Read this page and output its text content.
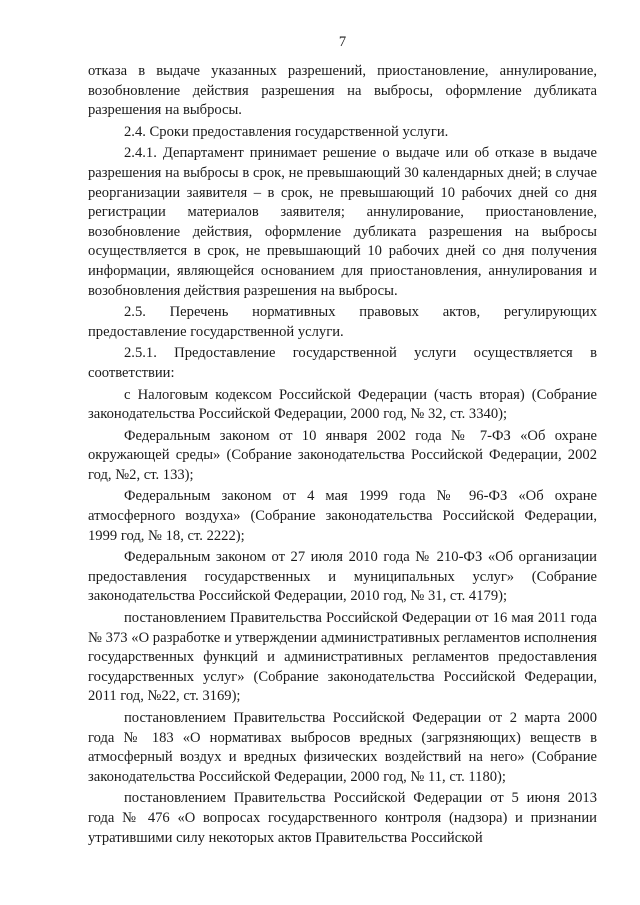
7

отказа в выдаче указанных разрешений, приостановление, аннулирование, возобновление действия разрешения на выбросы, оформление дубликата разрешения на выбросы.

2.4. Сроки предоставления государственной услуги.

2.4.1. Департамент принимает решение о выдаче или об отказе в выдаче разрешения на выбросы в срок, не превышающий 30 календарных дней; в случае реорганизации заявителя – в срок, не превышающий 10 рабочих дней со дня регистрации материалов заявителя; аннулирование, приостановление, возобновление действия, оформление дубликата разрешения на выбросы осуществляется в срок, не превышающий 10 рабочих дней со дня получения информации, являющейся основанием для приостановления, аннулирования и возобновления действия разрешения на выбросы.

2.5. Перечень нормативных правовых актов, регулирующих предоставление государственной услуги.

2.5.1. Предоставление государственной услуги осуществляется в соответствии:

с Налоговым кодексом Российской Федерации (часть вторая) (Собрание законодательства Российской Федерации, 2000 год, № 32, ст. 3340);

Федеральным законом от 10 января 2002 года № 7-ФЗ «Об охране окружающей среды» (Собрание законодательства Российской Федерации, 2002 год, №2, ст. 133);

Федеральным законом от 4 мая 1999 года № 96-ФЗ «Об охране атмосферного воздуха» (Собрание законодательства Российской Федерации, 1999 год, № 18, ст. 2222);

Федеральным законом от 27 июля 2010 года № 210-ФЗ «Об организации предоставления государственных и муниципальных услуг» (Собрание законодательства Российской Федерации, 2010 год, № 31, ст. 4179);

постановлением Правительства Российской Федерации от 16 мая 2011 года № 373 «О разработке и утверждении административных регламентов исполнения государственных функций и административных регламентов предоставления государственных услуг» (Собрание законодательства Российской Федерации, 2011 год, №22, ст. 3169);

постановлением Правительства Российской Федерации от 2 марта 2000 года № 183 «О нормативах выбросов вредных (загрязняющих) веществ в атмосферный воздух и вредных физических воздействий на него» (Собрание законодательства Российской Федерации, 2000 год, № 11, ст. 1180);

постановлением Правительства Российской Федерации от 5 июня 2013 года № 476 «О вопросах государственного контроля (надзора) и признании утратившими силу некоторых актов Правительства Российской
